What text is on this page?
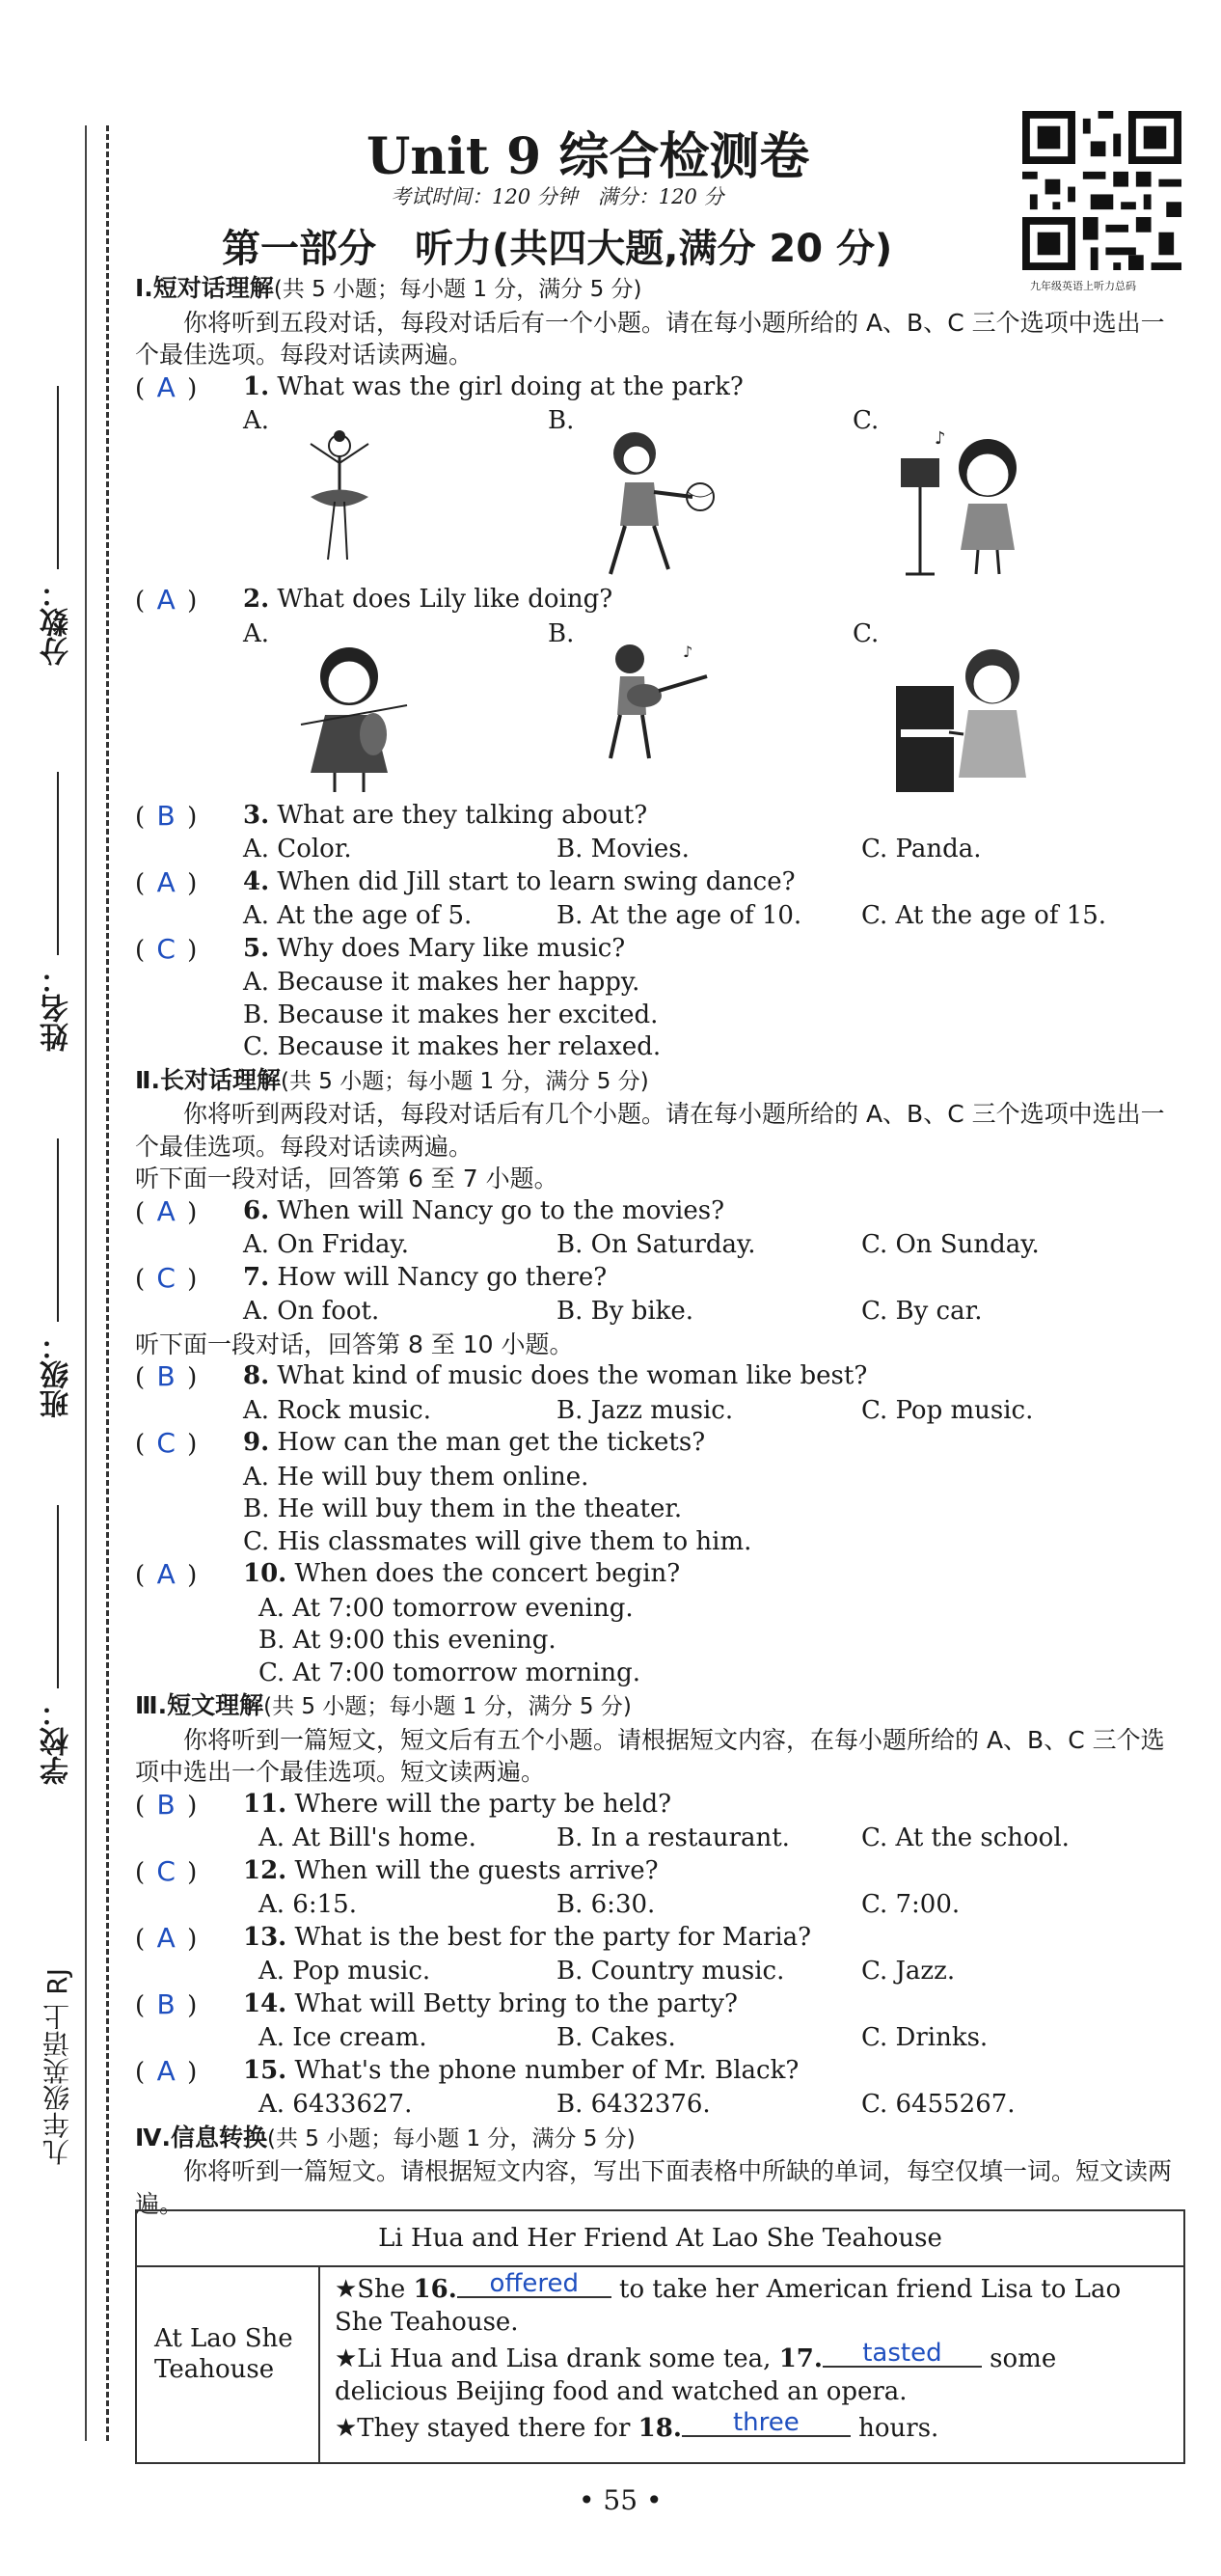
分数：
姓名：
班级：
学校：
九年级英语上 RJ
Unit 9 综合检测卷
考试时间：120 分钟　满分：120 分
九年级英语上听力总码
第一部分　听力(共四大题,满分 20 分)
Ⅰ.短对话理解(共 5 小题；每小题 1 分，满分 5 分)
你将听到五段对话，每段对话后有一个小题。请在每小题所给的 A、B、C 三个选项中选出一个最佳选项。每段对话读两遍。
( A )	1. What was the girl doing at the park?
A.	B.	C.
♪
( A )	2. What does Lily like doing?
A.	B.
♪
C.
( B )	3. What are they talking about?
A. Color.	B. Movies.	C. Panda.
( A )	4. When did Jill start to learn swing dance?
A. At the age of 5.	B. At the age of 10.	C. At the age of 15.
( C )	5. Why does Mary like music?
A. Because it makes her happy.
B. Because it makes her excited.
C. Because it makes her relaxed.
Ⅱ.长对话理解(共 5 小题；每小题 1 分，满分 5 分)
你将听到两段对话，每段对话后有几个小题。请在每小题所给的 A、B、C 三个选项中选出一个最佳选项。每段对话读两遍。
听下面一段对话，回答第 6 至 7 小题。
( A )	6. When will Nancy go to the movies?
A. On Friday.	B. On Saturday.	C. On Sunday.
( C )	7. How will Nancy go there?
A. On foot.	B. By bike.	C. By car.
听下面一段对话，回答第 8 至 10 小题。
( B )	8. What kind of music does the woman like best?
A. Rock music.	B. Jazz music.	C. Pop music.
( C )	9. How can the man get the tickets?
A. He will buy them online.
B. He will buy them in the theater.
C. His classmates will give them to him.
( A )	10. When does the concert begin?
A. At 7:00 tomorrow evening.
B. At 9:00 this evening.
C. At 7:00 tomorrow morning.
Ⅲ.短文理解(共 5 小题；每小题 1 分，满分 5 分)
你将听到一篇短文，短文后有五个小题。请根据短文内容，在每小题所给的 A、B、C 三个选项中选出一个最佳选项。短文读两遍。
( B )	11. Where will the party be held?
A. At Bill's home.	B. In a restaurant.	C. At the school.
( C )	12. When will the guests arrive?
A. 6:15.	B. 6:30.	C. 7:00.
( A )	13. What is the best for the party for Maria?
A. Pop music.	B. Country music.	C. Jazz.
( B )	14. What will Betty bring to the party?
A. Ice cream.	B. Cakes.	C. Drinks.
( A )	15. What's the phone number of Mr. Black?
A. 6433627.	B. 6432376.	C. 6455267.
Ⅳ.信息转换(共 5 小题；每小题 1 分，满分 5 分)
你将听到一篇短文。请根据短文内容，写出下面表格中所缺的单词，每空仅填一词。短文读两遍。
Li Hua and Her Friend At Lao She Teahouse
At Lao She Teahouse
★She 16. offered to take her American friend Lisa to Lao She Teahouse.
★Li Hua and Lisa drank some tea, 17. tasted some delicious Beijing food and watched an opera.
★They stayed there for 18. three hours.
• 55 •
